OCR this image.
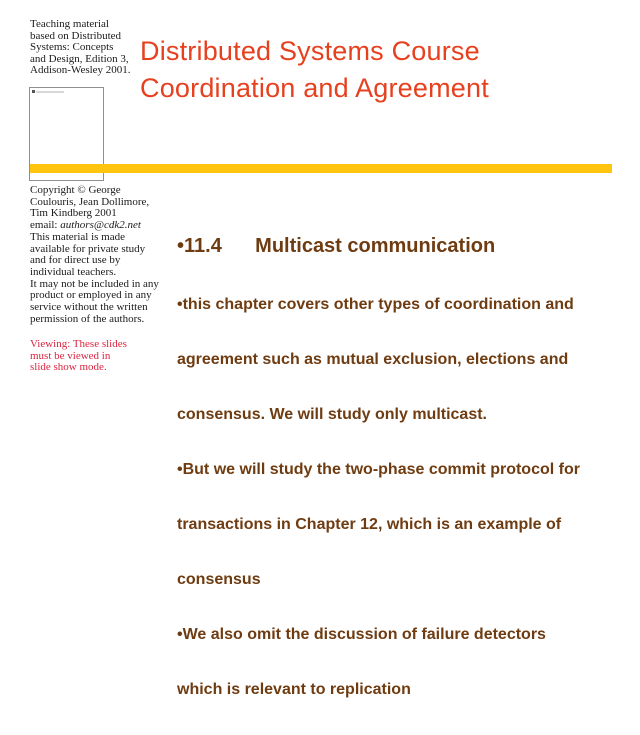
Teaching material
based on Distributed
Systems: Concepts
and Design, Edition 3,
Addison-Wesley 2001.
Distributed Systems Course
Coordination and Agreement
Copyright © George
Coulouris, Jean Dollimore,
Tim Kindberg 2001
email: authors@cdk2.net
This material is made
available for private study
and for direct use by
individual teachers.
It may not be included in any
product or employed in any
service without the written
permission of the authors.
Viewing: These slides
must be viewed in
slide show mode.

•11.4      Multicast communication

•this chapter covers other types of coordination and

agreement such as mutual exclusion, elections and

consensus. We will study only multicast.

•But we will study the two-phase commit protocol for

transactions in Chapter 12, which is an example of

consensus

•We also omit the discussion of failure detectors

which is relevant to replication
